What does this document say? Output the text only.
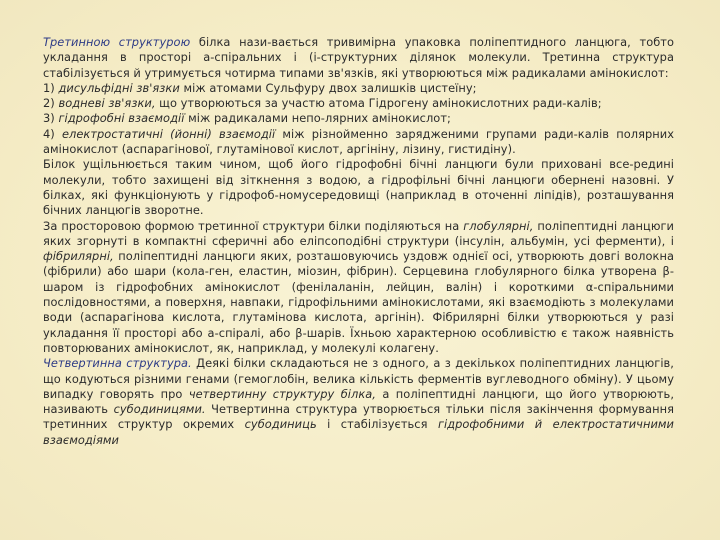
Третинною структурою білка нази-вається тривимірна упаковка поліпептидного ланцюга, тобто укладання в просторі а-спіральних і (і-структурних ділянок молекули. Третинна структура стабілізується й утримується чотирма типами зв'язків, які утворюються між радикалами амінокислот:

1) дисульфідні зв'язки між атомами Сульфуру двох залишків цистеїну;

2) водневі зв'язки, що утворюються за участю атома Гідрогену амінокислотних ради-калів;

3) гідрофобні взаємодії між радикалами непо-лярних амінокислот;

4) електростатичні (йонні) взаємодії між різнойменно зарядженими групами ради-калів полярних амінокислот (аспарагінової, глутамінової кислот, аргініну, лізину, гистидіну).

Білок ущільнюється таким чином, щоб його гідрофобні бічні ланцюги були приховані все-редині молекули, тобто захищені від зіткнення з водою, а гідрофільні бічні ланцюги обернені назовні. У білках, які функціонують у гідрофоб-номусередовищі (наприклад в оточенні ліпідів), розташування бічних ланцюгів зворотне.

За просторовою формою третинної структури білки поділяються на глобулярні, поліпептидні ланцюги яких згорнуті в компактні сферичні або еліпсоподібні структури (інсулін, альбумін, усі ферменти), і фібрилярні, поліпептидні ланцюги яких, розташовуючись уздовж однієї осі, утворюють довгі волокна (фібрили) або шари (кола-ген, еластин, міозин, фібрин). Серцевина глобулярного білка утворена β-шаром із гідрофобних амінокислот (фенілаланін, лейцин, валін) і короткими α-спіральними послідовностями, а поверхня, навпаки, гідрофільними амінокислотами, які взаємодіють з молекулами води (аспарагінова кислота, глутамінова кислота, аргінін). Фібрилярні білки утворюються у разі укладання її просторі або а-спіралі, або β-шарів. Їхньою характерною особливістю є також наявність повторюваних амінокислот, як, наприклад, у молекулі колагену.

Четвертинна структура. Деякі білки складаються не з одного, а з декількох поліпептидних ланцюгів, що кодуються різними генами (гемоглобін, велика кількість ферментів вуглеводного обміну). У цьому випадку говорять про четвертинну структуру білка, а поліпептидні ланцюги, що його утворюють, називають субодиницями. Четвертинна структура утворюється тільки після закінчення формування третинних структур окремих субодиниць і стабілізується гідрофобними й електростатичними взаємодіями
